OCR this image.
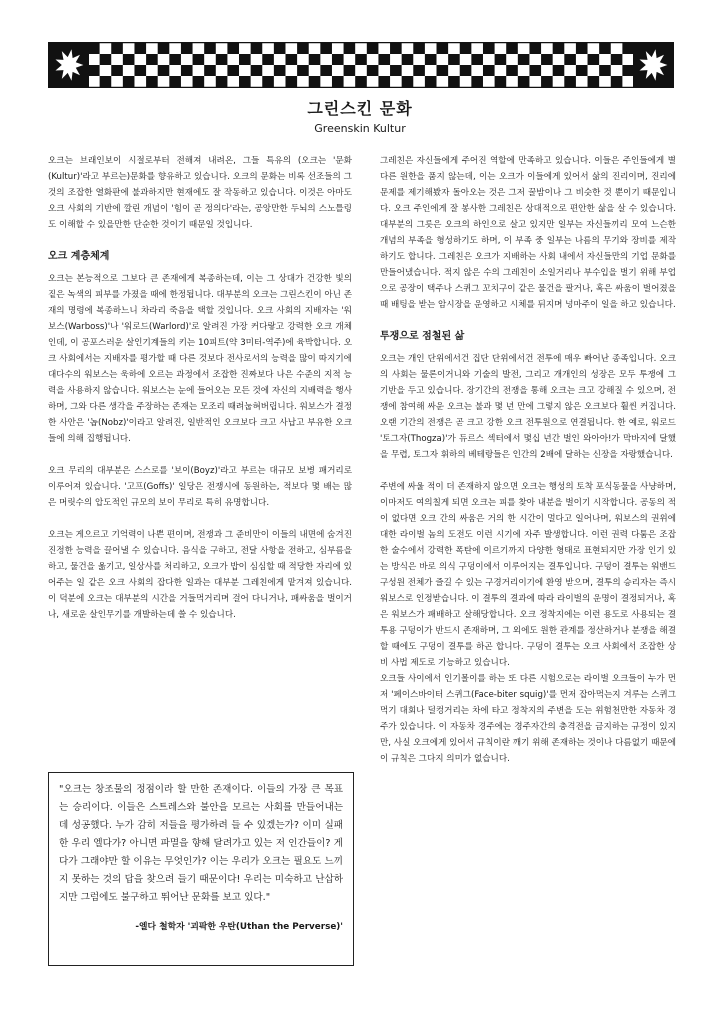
그린스킨 문화
Greenskin Kultur

오크는 브래인보이 시절로부터 전해져 내려온, 그들 특유의 (오크는 '문화(Kultur)'라고 부르는)문화를 향유하고 있습니다. 오크의 문화는 비록 선조들의 그것의 조잡한 열화판에 불과하지만 현재에도 잘 작동하고 있습니다. 이것은 아마도 오크 사회의 기반에 깔린 개념이 '힘이 곧 정의다'라는, 공앙만한 두뇌의 스노틀링도 이해할 수 있을만한 단순한 것이기 때문일 것입니다.

오크 계층체계

오크는 본능적으로 그보다 큰 존재에게 복종하는데, 이는 그 상대가 건강한 빛의 짙은 녹색의 피부를 가졌을 때에 한정됩니다. 대부분의 오크는 그린스킨이 아닌 존재의 명령에 복종하느니 차라리 죽음을 택할 것입니다. 오크 사회의 지배자는 '워보스(Warboss)'나 '워로드(Warlord)'로 알려진 가장 커다랗고 강력한 오크 개체인데, 이 공포스러운 살인기계들의 키는 10피트(약 3미터-역주)에 육박합니다. 오크 사회에서는 지배자를 평가할 때 다른 것보다 전사로서의 능력을 많이 따지기에 대다수의 워보스는 욱하에 오르는 과정에서 조잡한 진짜보다 나은 수준의 지적 능력을 사용하지 않습니다. 워보스는 눈에 들어오는 모든 것에 자신의 지배력을 행사하며, 그와 다른 생각을 주장하는 존재는 모조리 때려눕혀버립니다. 워보스가 결정한 사안은 '놉(Nobz)'이라고 알려진, 일반적인 오크보다 크고 사납고 부유한 오크들에 의해 집행됩니다.

오크 무리의 대부분은 스스로를 '보이(Boyz)'라고 부르는 대규모 보병 패거리로 이루어져 있습니다. '고프(Goffs)' 일당은 전쟁시에 동원하는, 적보다 몇 배는 많은 머릿수의 압도적인 규모의 보이 무리로 특히 유명합니다.

오크는 게으르고 기억력이 나쁜 편이며, 전쟁과 그 준비만이 이들의 내면에 숨겨진 진정한 능력을 끌어낼 수 있습니다. 음식을 구하고, 전달 사항을 전하고, 심부름을 하고, 물건을 옮기고, 일상사를 처리하고, 오크가 밥이 심심할 때 적당한 자리에 있어주는 일 같은 오크 사회의 잡다한 일과는 대부분 그레친에게 맡겨져 있습니다. 이 덕분에 오크는 대부분의 시간을 거들먹거리며 걸어 다니거나, 패싸움을 벌이거나, 새로운 살인무기를 개발하는데 쓸 수 있습니다.

"오크는 창조물의 정점이라 할 만한 존재이다. 이들의 가장 큰 목표는 승리이다. 이들은 스트레스와 불안을 모르는 사회를 만들어내는 데 성공했다. 누가 감히 저들을 평가하려 들 수 있겠는가? 이미 실패한 우리 엘다가? 아니면 파멸을 향해 달려가고 있는 저 인간들이? 게다가 그래야만 할 이유는 무엇인가? 이는 우리가 오크는 필요도 느끼지 못하는 것의 답을 찾으려 들기 때문이다! 우리는 미숙하고 난삽하지만 그럼에도 불구하고 뛰어난 문화를 보고 있다."

-엘다 철학자 '괴팍한 우탄(Uthan the Perverse)'

그레친은 자신들에게 주어진 역할에 만족하고 있습니다. 이들은 주인들에게 별다른 원한을 품지 않는데, 이는 오크가 이들에게 있어서 삶의 진리이며, 진리에 문제를 제기해봤자 돌아오는 것은 그저 꿀밤이나 그 비슷한 것 뿐이기 때문입니다. 오크 주인에게 잘 봉사한 그레친은 상대적으로 편안한 삶을 살 수 있습니다. 대부분의 그릇은 오크의 하인으로 살고 있지만 일부는 자신들끼리 모여 느슨한 개념의 부족을 형성하기도 하며, 이 부족 중 일부는 나름의 무기와 장비를 제작하기도 합니다. 그레친은 오크가 지배하는 사회 내에서 자신들만의 기업 문화를 만들어냈습니다. 적지 않은 수의 그레친이 소일거리나 부수입을 벌기 위해 부업으로 공장이 택주나 스퀴그 꼬치구이 같은 물건을 팔거나, 혹은 싸움이 벌어졌을 때 배팅을 받는 암시장을 운영하고 시체를 뒤지며 넝마주이 일을 하고 있습니다.

투쟁으로 점철된 삶

오크는 개인 단위에서건 집단 단위에서건 전투에 매우 빠어난 종족입니다. 오크의 사회는 물론이거니와 기술의 발전, 그리고 개개인의 성장은 모두 투쟁에 그 기반을 두고 있습니다. 장기간의 전쟁을 통해 오크는 크고 강해질 수 있으며, 전쟁에 참여해 싸운 오크는 불과 몇 년 만에 그렇지 않은 오크보다 훨씬 커집니다. 오랜 기간의 전쟁은 곧 크고 강한 오크 전투원으로 연결됩니다. 한 예로, 워로드 '토그자(Thogza)'가 듀르스 섹터에서 몇십 년간 벌인 와아아!가 막바지에 달했을 무렵, 토그자 휘하의 베테랑들은 인간의 2배에 달하는 신장을 자랑했습니다.

주변에 싸울 적이 더 존재하지 않으면 오크는 행성의 토착 포식동물을 사냥하며, 이마저도 여의칠게 되면 오크는 피를 찾아 내분을 벌이기 시작합니다. 공동의 적이 없다면 오크 간의 싸움은 거의 한 시간이 멀다고 일어나며, 워보스의 권위에 대한 라이벌 놈의 도전도 이런 시기에 자주 발생합니다. 이런 권력 다툼은 조잡한 술수에서 강력한 폭탄에 이르기까지 다양한 형태로 표현되지만 가장 인기 있는 방식은 바로 의식 구덩이에서 이루어지는 결투입니다. 구덩이 결투는 워밴드 구성원 전체가 즐길 수 있는 구경거리이기에 환영 받으며, 결투의 승리자는 즉시 워보스로 인정받습니다. 이 결투의 결과에 따라 라이벌의 운명이 결정되거나, 혹은 워보스가 패배하고 살해당합니다. 오크 정착지에는 이런 용도로 사용되는 결투용 구덩이가 반드시 존재하며, 그 외에도 원한 관계를 정산하거나 분쟁을 해결할 때에도 구덩이 결투를 하곤 합니다. 구덩이 결투는 오크 사회에서 조잡한 상비 사법 제도로 기능하고 있습니다.

오크들 사이에서 인기몰이를 하는 또 다른 시험으로는 라이벌 오크들이 누가 먼저 '페이스바이터 스퀴그(Face-biter squig)'를 먼저 잡아먹는지 겨루는 스퀴그 먹기 대회나 덜컹거리는 차에 타고 정착지의 주변을 도는 위험천만한 자동차 경주가 있습니다. 이 자동차 경주에는 경주자간의 충격전을 금지하는 규정이 있지만, 사실 오크에게 있어서 규칙이란 깨기 위해 존재하는 것이나 다름없기 때문에 이 규칙은 그다지 의미가 없습니다.
